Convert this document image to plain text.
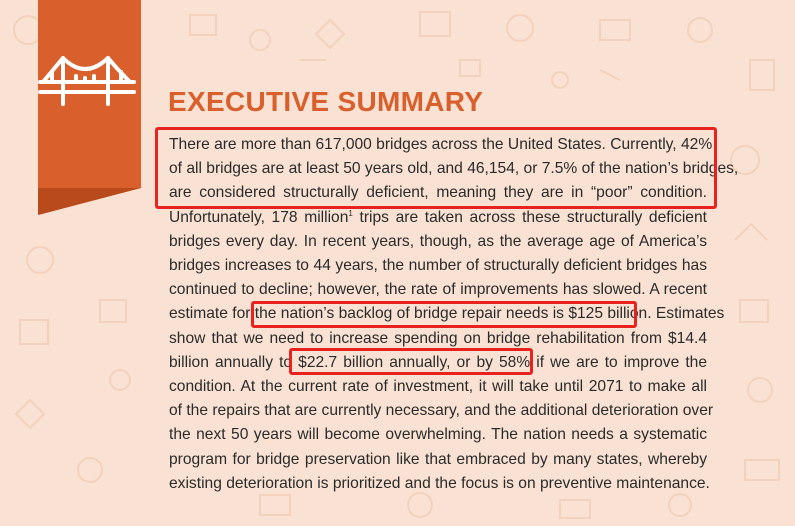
EXECUTIVE SUMMARY
There are more than 617,000 bridges across the United States. Currently, 42%
of all bridges are at least 50 years old, and 46,154, or 7.5% of the nation’s bridges,
are considered structurally deficient, meaning they are in “poor” condition.
Unfortunately, 178 million$^1$ trips are taken across these structurally deficient
bridges every day. In recent years, though, as the average age of America’s
bridges increases to 44 years, the number of structurally deficient bridges has
continued to decline; however, the rate of improvements has slowed. A recent
estimate for the nation’s backlog of bridge repair needs is $125 billion. Estimates
show that we need to increase spending on bridge rehabilitation from $14.4
billion annually to $22.7 billion annually, or by 58% if we are to improve the
condition. At the current rate of investment, it will take until 2071 to make all
of the repairs that are currently necessary, and the additional deterioration over
the next 50 years will become overwhelming. The nation needs a systematic
program for bridge preservation like that embraced by many states, whereby
existing deterioration is prioritized and the focus is on preventive maintenance.
